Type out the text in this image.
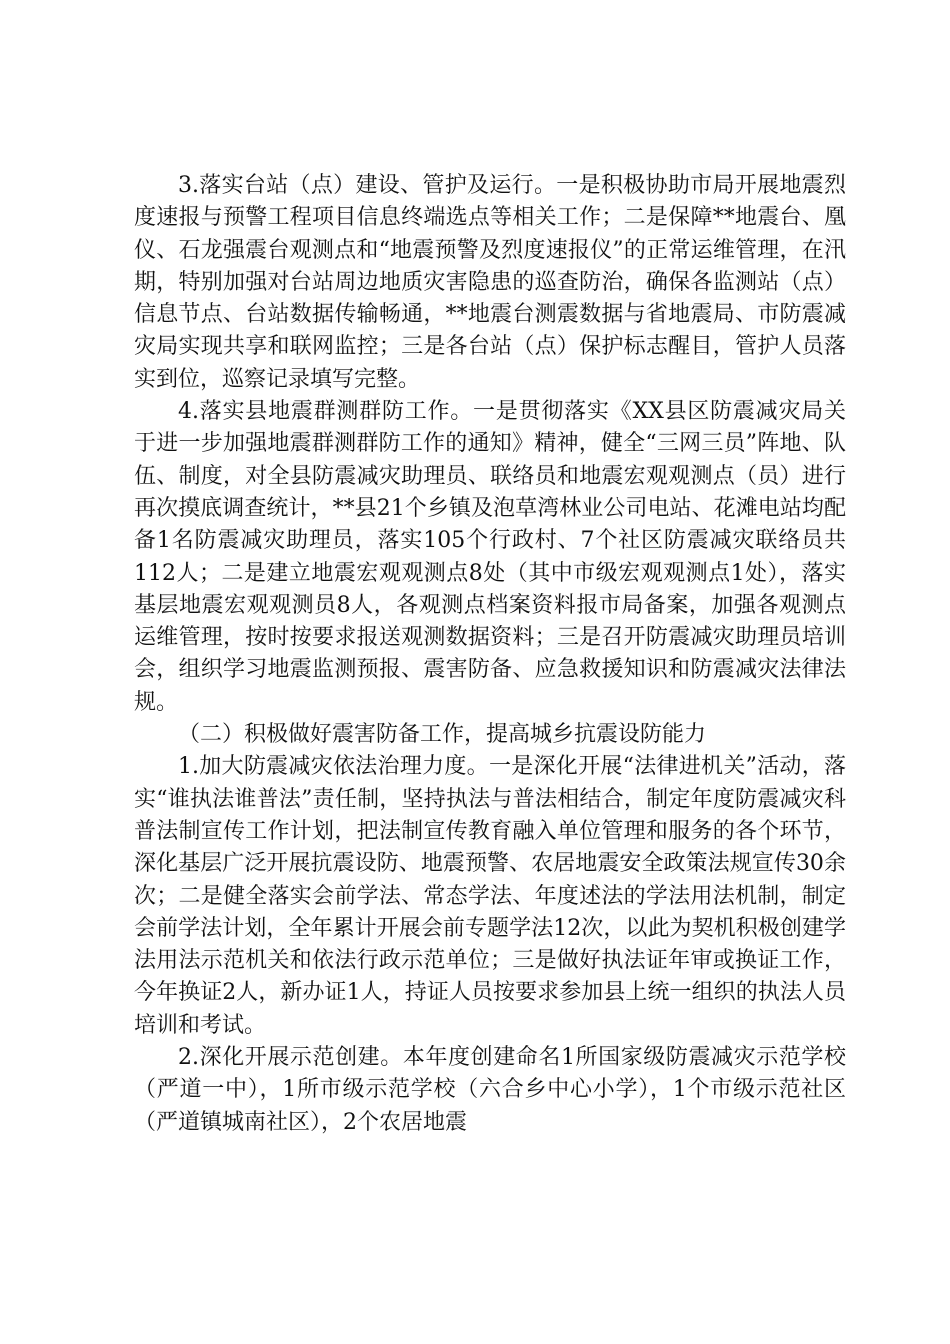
3.落实台站（点）建设、管护及运行。一是积极协助市局开展地震烈度速报与预警工程项目信息终端选点等相关工作；二是保障**地震台、凰仪、石龙强震台观测点和“地震预警及烈度速报仪”的正常运维管理，在汛期，特别加强对台站周边地质灾害隐患的巡查防治，确保各监测站（点）信息节点、台站数据传输畅通，**地震台测震数据与省地震局、市防震减灾局实现共享和联网监控；三是各台站（点）保护标志醒目，管护人员落实到位，巡察记录填写完整。

4.落实县地震群测群防工作。一是贯彻落实《XX县区防震减灾局关于进一步加强地震群测群防工作的通知》精神，健全“三网三员”阵地、队伍、制度，对全县防震减灾助理员、联络员和地震宏观观测点（员）进行再次摸底调查统计，**县21个乡镇及泡草湾林业公司电站、花滩电站均配备1名防震减灾助理员，落实105个行政村、7个社区防震减灾联络员共112人；二是建立地震宏观观测点8处（其中市级宏观观测点1处），落实基层地震宏观观测员8人，各观测点档案资料报市局备案，加强各观测点运维管理，按时按要求报送观测数据资料；三是召开防震减灾助理员培训会，组织学习地震监测预报、震害防备、应急救援知识和防震减灾法律法规。

（二）积极做好震害防备工作，提高城乡抗震设防能力

1.加大防震减灾依法治理力度。一是深化开展“法律进机关”活动，落实“谁执法谁普法”责任制，坚持执法与普法相结合，制定年度防震减灾科普法制宣传工作计划，把法制宣传教育融入单位管理和服务的各个环节，深化基层广泛开展抗震设防、地震预警、农居地震安全政策法规宣传30余次；二是健全落实会前学法、常态学法、年度述法的学法用法机制，制定会前学法计划，全年累计开展会前专题学法12次，以此为契机积极创建学法用法示范机关和依法行政示范单位；三是做好执法证年审或换证工作，今年换证2人，新办证1人，持证人员按要求参加县上统一组织的执法人员培训和考试。

2.深化开展示范创建。本年度创建命名1所国家级防震减灾示范学校（严道一中），1所市级示范学校（六合乡中心小学），1个市级示范社区（严道镇城南社区），2个农居地震
